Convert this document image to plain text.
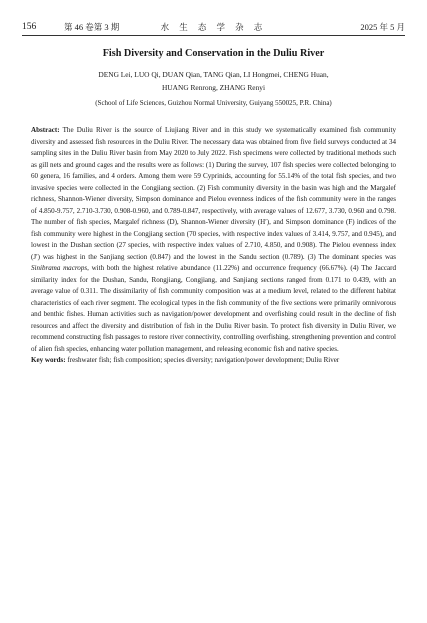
156	第 46 卷第 3 期	水 生 态 学 杂 志	2025 年 5 月
Fish Diversity and Conservation in the Duliu River
DENG Lei, LUO Qi, DUAN Qian, TANG Qian, LI Hongmei, CHENG Huan,
HUANG Renrong, ZHANG Renyi
(School of Life Sciences, Guizhou Normal University, Guiyang 550025, P.R. China)

Abstract: The Duliu River is the source of Liujiang River and in this study we systematically examined fish community diversity and assessed fish resources in the Duliu River. The necessary data was obtained from five field surveys conducted at 34 sampling sites in the Duliu River basin from May 2020 to July 2022. Fish specimens were collected by traditional methods such as gill nets and ground cages and the results were as follows: (1) During the survey, 107 fish species were collected belonging to 60 genera, 16 families, and 4 orders. Among them were 59 Cyprinids, accounting for 55.14% of the total fish species, and two invasive species were collected in the Congjiang section. (2) Fish community diversity in the basin was high and the Margalef richness, Shannon-Wiener diversity, Simpson dominance and Pielou evenness indices of the fish community were in the ranges of 4.850-9.757, 2.710-3.730, 0.908-0.960, and 0.789-0.847, respectively, with average values of 12.677, 3.730, 0.960 and 0.798. The number of fish species, Margalef richness (D), Shannon-Wiener diversity (H′), and Simpson dominance (F) indices of the fish community were highest in the Congjiang section (70 species, with respective index values of 3.414, 9.757, and 0.945), and lowest in the Dushan section (27 species, with respective index values of 2.710, 4.850, and 0.908). The Pielou evenness index (J′) was highest in the Sanjiang section (0.847) and the lowest in the Sandu section (0.789). (3) The dominant species was Sinibrama macrops, with both the highest relative abundance (11.22%) and occurrence frequency (66.67%). (4) The Jaccard similarity index for the Dushan, Sandu, Rongjiang, Congjiang, and Sanjiang sections ranged from 0.171 to 0.439, with an average value of 0.311. The dissimilarity of fish community composition was at a medium level, related to the different habitat characteristics of each river segment. The ecological types in the fish community of the five sections were primarily omnivorous and benthic fishes. Human activities such as navigation/power development and overfishing could result in the decline of fish resources and affect the diversity and distribution of fish in the Duliu River basin. To protect fish diversity in Duliu River, we recommend constructing fish passages to restore river connectivity, controlling overfishing, strengthening prevention and control of alien fish species, enhancing water pollution management, and releasing economic fish and native species.

Key words: freshwater fish; fish composition; species diversity; navigation/power development; Duliu River
